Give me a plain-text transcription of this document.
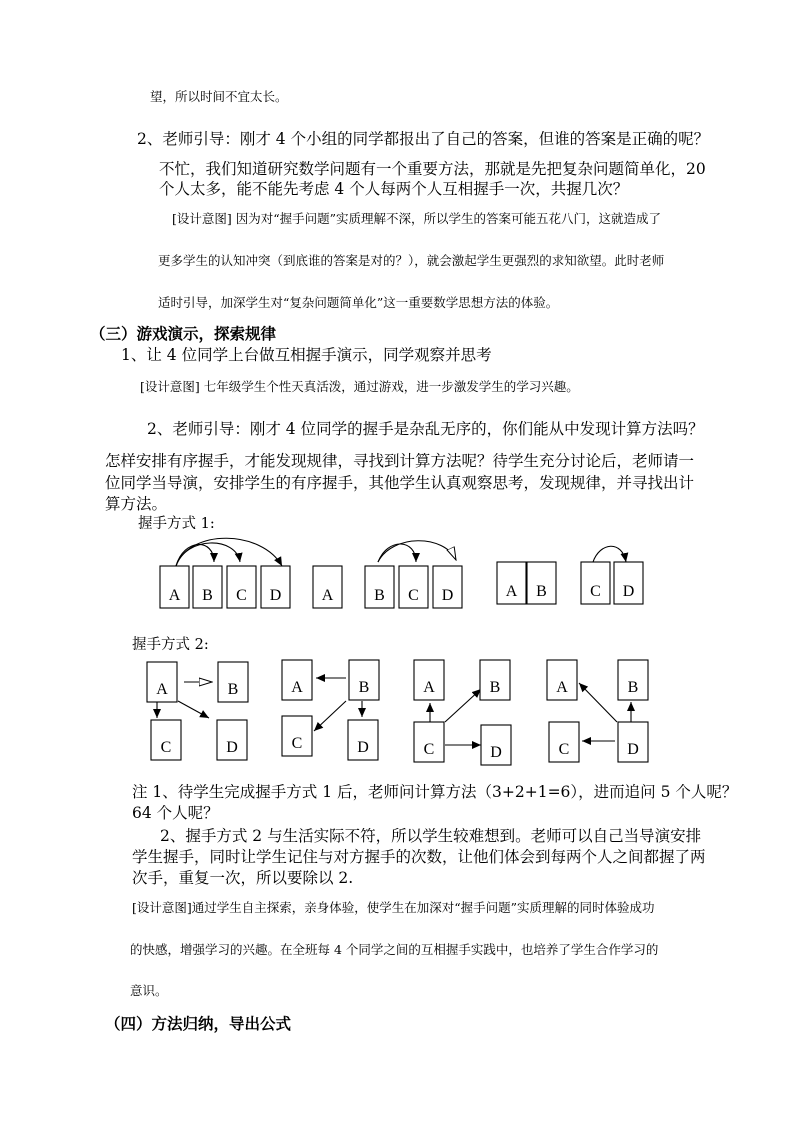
望，所以时间不宜太长。
2、老师引导：刚才 4 个小组的同学都报出了自己的答案，但谁的答案是正确的呢？
不忙，我们知道研究数学问题有一个重要方法，那就是先把复杂问题简单化，20
个人太多，能不能先考虑 4 个人每两个人互相握手一次，共握几次？
[设计意图] 因为对“握手问题”实质理解不深，所以学生的答案可能五花八门，这就造成了
更多学生的认知冲突（到底谁的答案是对的？），就会激起学生更强烈的求知欲望。此时老师
适时引导，加深学生对“复杂问题简单化”这一重要数学思想方法的体验。
（三）游戏演示，探索规律
1、让 4 位同学上台做互相握手演示，同学观察并思考
[设计意图] 七年级学生个性天真活泼，通过游戏，进一步激发学生的学习兴趣。
2、老师引导：刚才 4 位同学的握手是杂乱无序的，你们能从中发现计算方法吗？
怎样安排有序握手，才能发现规律，寻找到计算方法呢？待学生充分讨论后，老师请一
位同学当导演，安排学生的有序握手，其他学生认真观察思考，发现规律，并寻找出计
算方法。
握手方式 1:
A B C D	A	B C D	A B	C D
握手方式 2:
A	B
C	D
A	B
C	D
A	B
C	D
A	B
C	D
注 1、待学生完成握手方式 1 后，老师问计算方法（3+2+1=6），进而追问 5 个人呢？
64 个人呢？
2、握手方式 2 与生活实际不符，所以学生较难想到。老师可以自己当导演安排
学生握手，同时让学生记住与对方握手的次数，让他们体会到每两个人之间都握了两
次手，重复一次，所以要除以 2.
[设计意图]通过学生自主探索，亲身体验，使学生在加深对“握手问题”实质理解的同时体验成功
的快感，增强学习的兴趣。在全班每 4 个同学之间的互相握手实践中，也培养了学生合作学习的
意识。
（四）方法归纳，导出公式
